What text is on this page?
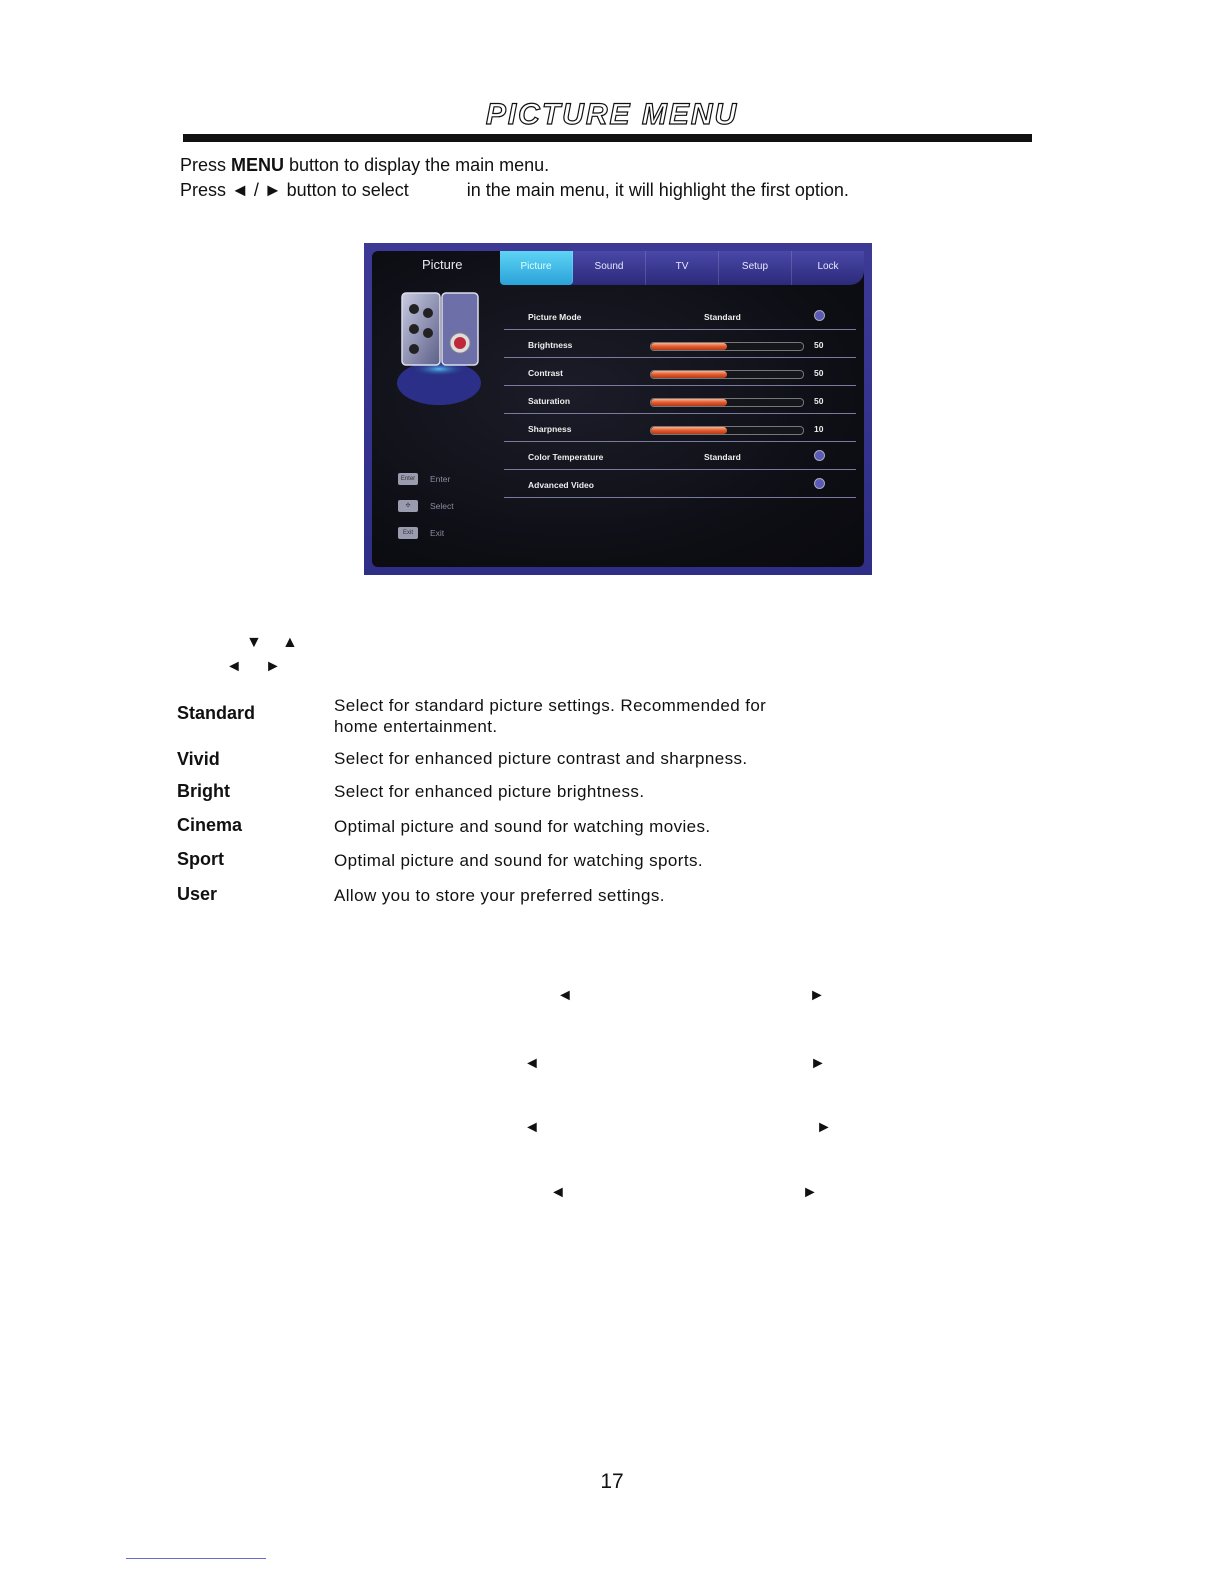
PICTURE MENU
Press MENU button to display the main menu.
Press ◄ / ► button to select	in the main menu, it will highlight the first option.
Picture	Picture	Sound	TV	Setup	Lock
Picture Mode	Standard
Brightness	50
Contrast	50
Saturation	50
Sharpness	10
Color Temperature	Standard
Advanced Video
Enter	Enter
✣	Select
Exit	Exit
▼ ▲
◄ ►
Standard	Select for standard picture settings. Recommended for home entertainment.
Vivid	Select for enhanced picture contrast and sharpness.
Bright	Select for enhanced picture brightness.
Cinema	Optimal picture and sound for watching movies.
Sport	Optimal picture and sound for watching sports.
User	Allow you to store your preferred settings.
◄	►
◄	►
◄	►
◄	►
17
